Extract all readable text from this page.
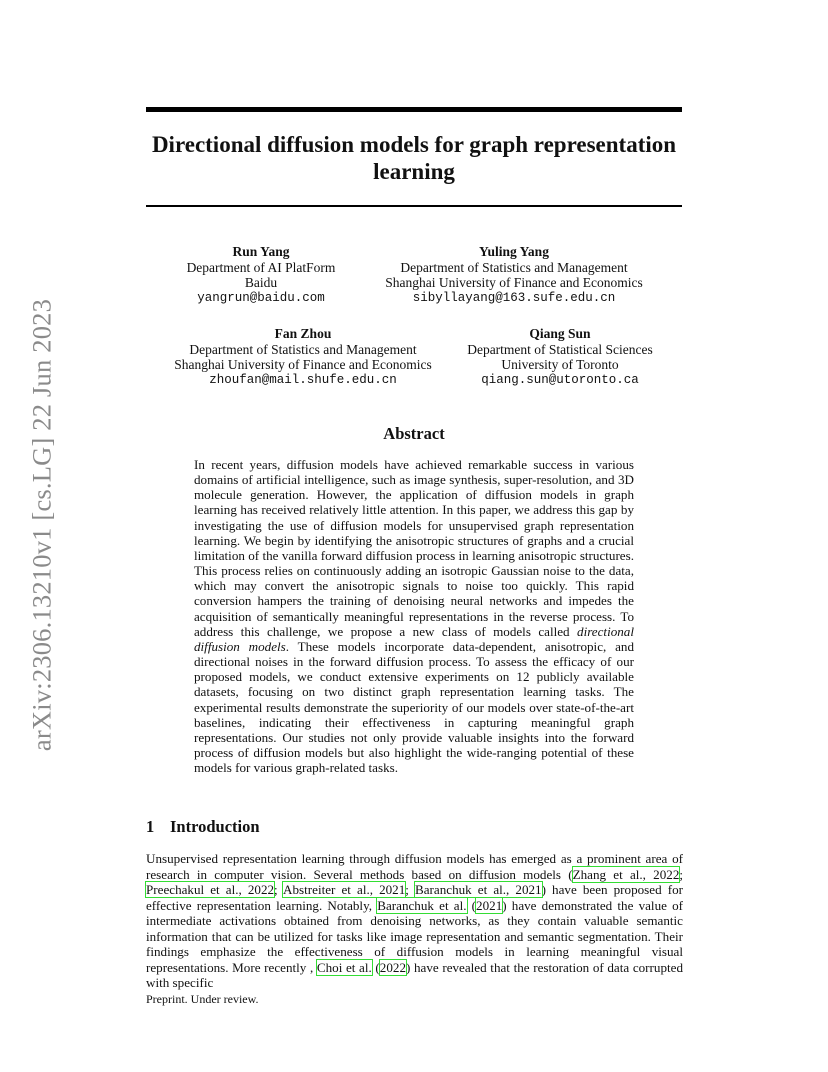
Directional diffusion models for graph representation learning
Run Yang
Department of AI PlatForm
Baidu
yangrun@baidu.com
Yuling Yang
Department of Statistics and Management
Shanghai University of Finance and Economics
sibyllayang@163.sufe.edu.cn
Fan Zhou
Department of Statistics and Management
Shanghai University of Finance and Economics
zhoufan@mail.shufe.edu.cn
Qiang Sun
Department of Statistical Sciences
University of Toronto
qiang.sun@utoronto.ca
arXiv:2306.13210v1 [cs.LG] 22 Jun 2023	Abstract
In recent years, diffusion models have achieved remarkable success in various domains of artificial intelligence, such as image synthesis, super-resolution, and 3D molecule generation. However, the application of diffusion models in graph learning has received relatively little attention. In this paper, we address this gap by investigating the use of diffusion models for unsupervised graph representation learning. We begin by identifying the anisotropic structures of graphs and a crucial limitation of the vanilla forward diffusion process in learning anisotropic structures. This process relies on continuously adding an isotropic Gaussian noise to the data, which may convert the anisotropic signals to noise too quickly. This rapid conversion hampers the training of denoising neural networks and impedes the acquisition of semantically meaningful representations in the reverse process. To address this challenge, we propose a new class of models called directional diffusion models. These models incorporate data-dependent, anisotropic, and directional noises in the forward diffusion process. To assess the efficacy of our proposed models, we conduct extensive experiments on 12 publicly available datasets, focusing on two distinct graph representation learning tasks. The experimental results demonstrate the superiority of our models over state-of-the-art baselines, indicating their effectiveness in capturing meaningful graph representations. Our studies not only provide valuable insights into the forward process of diffusion models but also highlight the wide-ranging potential of these models for various graph-related tasks.
1 Introduction
Unsupervised representation learning through diffusion models has emerged as a prominent area of research in computer vision. Several methods based on diffusion models (Zhang et al., 2022; Preechakul et al., 2022; Abstreiter et al., 2021; Baranchuk et al., 2021) have been proposed for effective representation learning. Notably, Baranchuk et al. (2021) have demonstrated the value of intermediate activations obtained from denoising networks, as they contain valuable semantic information that can be utilized for tasks like image representation and semantic segmentation. Their findings emphasize the effectiveness of diffusion models in learning meaningful visual representations. More recently , Choi et al. (2022) have revealed that the restoration of data corrupted with specific
Preprint. Under review.
